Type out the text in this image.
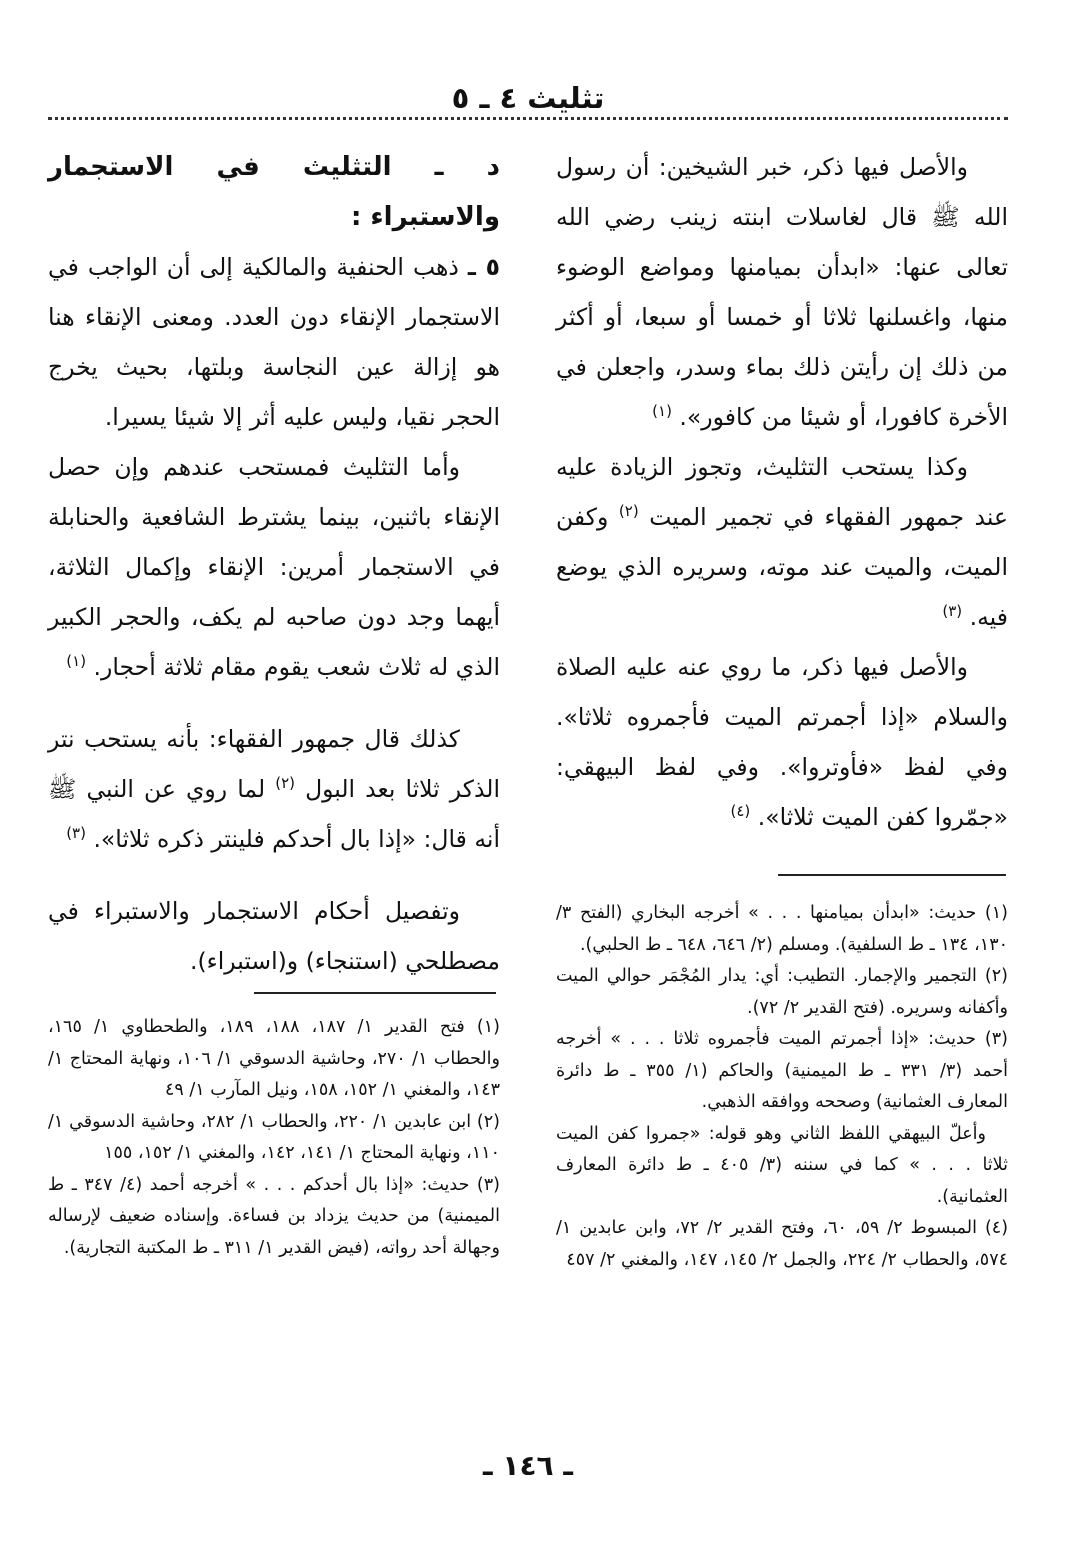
تثليث ٤ ـ ٥

والأصل فيها ذكر، خبر الشيخين: أن رسول الله ﷺ قال لغاسلات ابنته زينب رضي الله تعالى عنها: «ابدأن بميامنها ومواضع الوضوء منها، واغسلنها ثلاثا أو خمسا أو سبعا، أو أكثر من ذلك إن رأيتن ذلك بماء وسدر، واجعلن في الأخرة كافورا، أو شيئا من كافور». $^{(١)}$

وكذا يستحب التثليث، وتجوز الزيادة عليه عند جمهور الفقهاء في تجمير الميت $^{(٢)}$ وكفن الميت، والميت عند موته، وسريره الذي يوضع فيه. $^{(٣)}$

والأصل فيها ذكر، ما روي عنه عليه الصلاة والسلام «إذا أجمرتم الميت فأجمروه ثلاثا». وفي لفظ «فأوتروا». وفي لفظ البيهقي: «جمّروا كفن الميت ثلاثا». $^{(٤)}$

د ـ التثليث في الاستجمار والاستبراء :

٥ ـ ذهب الحنفية والمالكية إلى أن الواجب في الاستجمار الإنقاء دون العدد. ومعنى الإنقاء هنا هو إزالة عين النجاسة وبلتها، بحيث يخرج الحجر نقيا، وليس عليه أثر إلا شيئا يسيرا.

وأما التثليث فمستحب عندهم وإن حصل الإنقاء باثنين، بينما يشترط الشافعية والحنابلة في الاستجمار أمرين: الإنقاء وإكمال الثلاثة، أيهما وجد دون صاحبه لم يكف، والحجر الكبير الذي له ثلاث شعب يقوم مقام ثلاثة أحجار. $^{(١)}$

كذلك قال جمهور الفقهاء: بأنه يستحب نتر الذكر ثلاثا بعد البول $^{(٢)}$ لما روي عن النبي ﷺ أنه قال: «إذا بال أحدكم فلينتر ذكره ثلاثا». $^{(٣)}$

وتفصيل أحكام الاستجمار والاستبراء في مصطلحي (استنجاء) و(استبراء).

(١) حديث: «ابدأن بميامنها . . . » أخرجه البخاري (الفتح ٣/ ١٣٠، ١٣٤ ـ ط السلفية). ومسلم (٢/ ٦٤٦، ٦٤٨ ـ ط الحلبي).

(٢) التجمير والإجمار. التطيب: أي: يدار المُجْمَر حوالي الميت وأكفانه وسريره. (فتح القدير ٢/ ٧٢).

(٣) حديث: «إذا أجمرتم الميت فأجمروه ثلاثا . . . » أخرجه أحمد (٣/ ٣٣١ ـ ط الميمنية) والحاكم (١/ ٣٥٥ ـ ط دائرة المعارف العثمانية) وصححه ووافقه الذهبي.

وأعلّ البيهقي اللفظ الثاني وهو قوله: «جمروا كفن الميت ثلاثا . . . » كما في سننه (٣/ ٤٠٥ ـ ط دائرة المعارف العثمانية).

(٤) المبسوط ٢/ ٥٩، ٦٠، وفتح القدير ٢/ ٧٢، وابن عابدين ١/ ٥٧٤، والحطاب ٢/ ٢٢٤، والجمل ٢/ ١٤٥، ١٤٧، والمغني ٢/ ٤٥٧

(١) فتح القدير ١/ ١٨٧، ١٨٨، ١٨٩، والطحطاوي ١/ ١٦٥، والحطاب ١/ ٢٧٠، وحاشية الدسوقي ١/ ١٠٦، ونهاية المحتاج ١/ ١٤٣، والمغني ١/ ١٥٢، ١٥٨، ونيل المآرب ١/ ٤٩

(٢) ابن عابدين ١/ ٢٢٠، والحطاب ١/ ٢٨٢، وحاشية الدسوقي ١/ ١١٠، ونهاية المحتاج ١/ ١٤١، ١٤٢، والمغني ١/ ١٥٢، ١٥٥

(٣) حديث: «إذا بال أحدكم . . . » أخرجه أحمد (٤/ ٣٤٧ ـ ط الميمنية) من حديث يزداد بن فساءة. وإسناده ضعيف لإرساله وجهالة أحد رواته، (فيض القدير ١/ ٣١١ ـ ط المكتبة التجارية).

ـ ١٤٦ ـ
